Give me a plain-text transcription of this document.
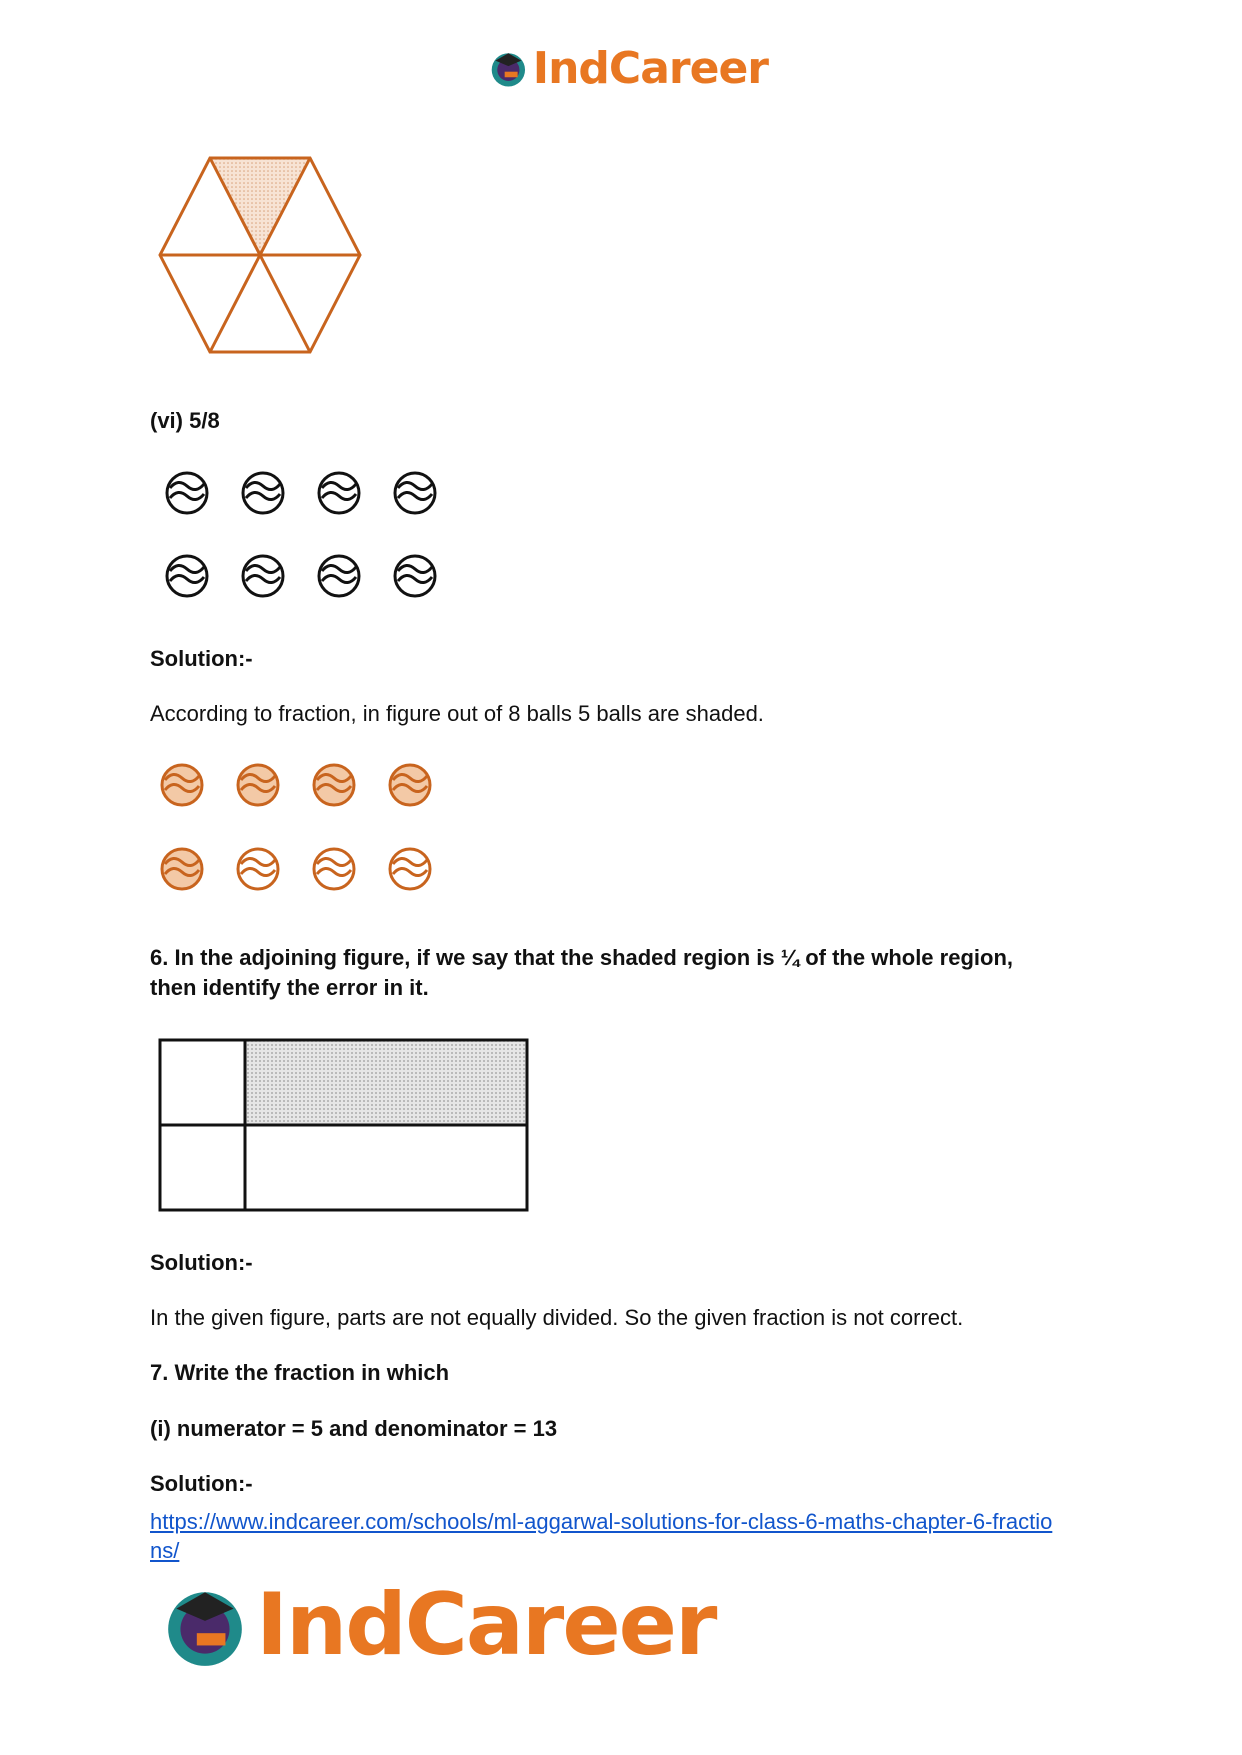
IndCareer
(vi) 5/8
Solution:-
According to fraction, in figure out of 8 balls 5 balls are shaded.
6. In the adjoining figure, if we say that the shaded region is ¼ of the whole region,
then identify the error in it.
Solution:-
In the given figure, parts are not equally divided. So the given fraction is not correct.
7. Write the fraction in which
(i) numerator = 5 and denominator = 13
Solution:-
https://www.indcareer.com/schools/ml-aggarwal-solutions-for-class-6-maths-chapter-6-fractio
ns/
IndCareer
